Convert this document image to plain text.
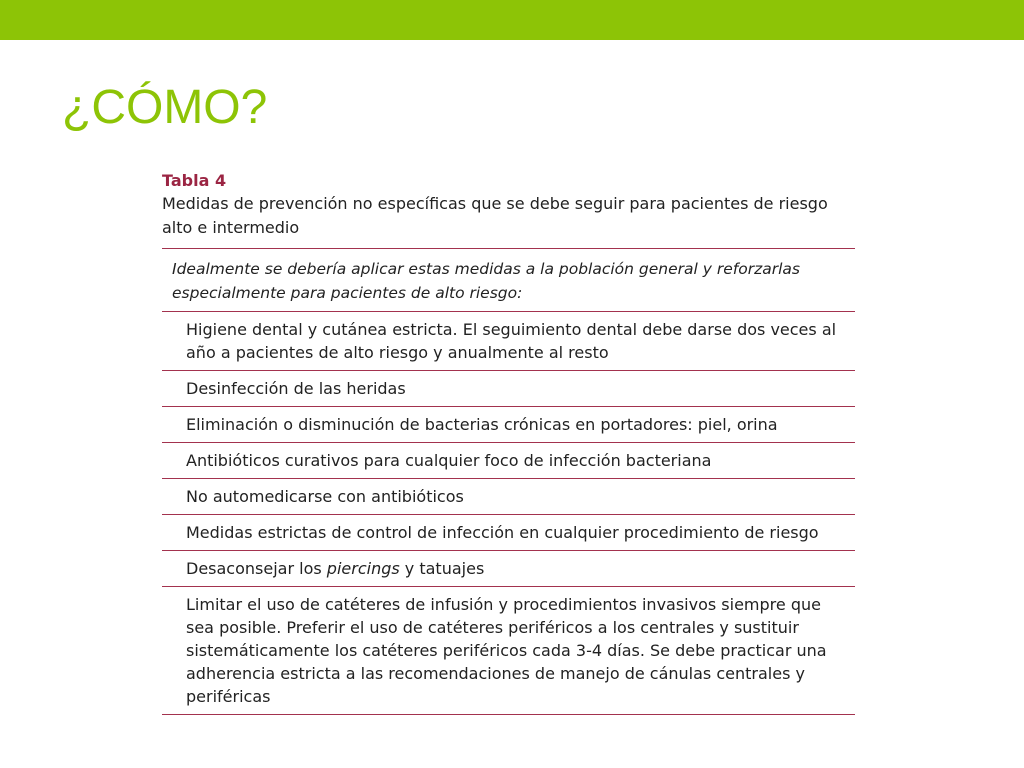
¿CÓMO?
Tabla 4
Medidas de prevención no específicas que se debe seguir para pacientes de riesgo alto e intermedio
Idealmente se debería aplicar estas medidas a la población general y reforzarlas especialmente para pacientes de alto riesgo:
Higiene dental y cutánea estricta. El seguimiento dental debe darse dos veces al año a pacientes de alto riesgo y anualmente al resto
Desinfección de las heridas
Eliminación o disminución de bacterias crónicas en portadores: piel, orina
Antibióticos curativos para cualquier foco de infección bacteriana
No automedicarse con antibióticos
Medidas estrictas de control de infección en cualquier procedimiento de riesgo
Desaconsejar los piercings y tatuajes
Limitar el uso de catéteres de infusión y procedimientos invasivos siempre que sea posible. Preferir el uso de catéteres periféricos a los centrales y sustituir sistemáticamente los catéteres periféricos cada 3-4 días. Se debe practicar una adherencia estricta a las recomendaciones de manejo de cánulas centrales y periféricas
